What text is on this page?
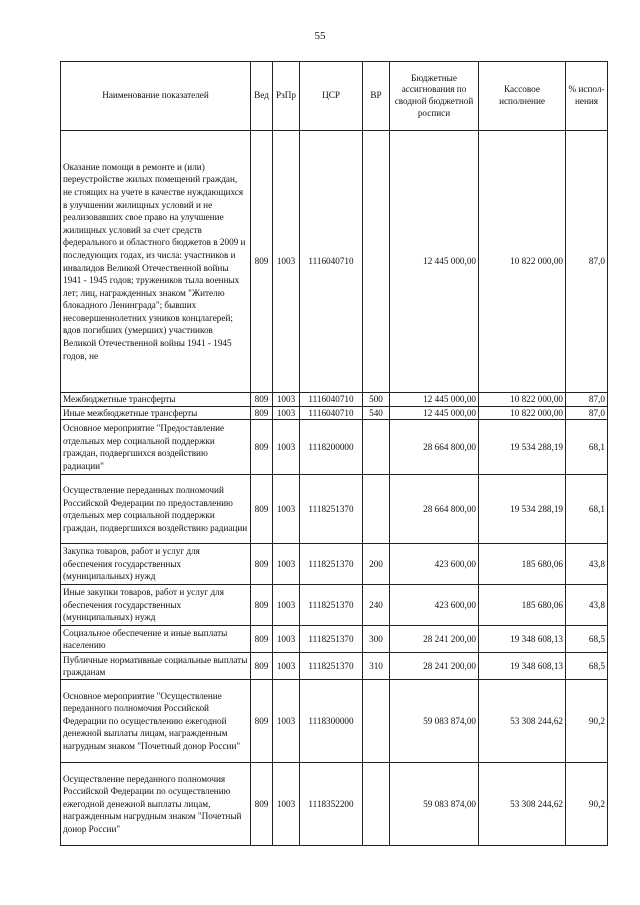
55
Наименование показателей	Вед	РзПр	ЦСР	ВР	Бюджетные ассигнования по сводной бюджетной росписи	Кассовое исполнение	% испол-нения
Оказание помощи в ремонте и (или) переустройстве жилых помещений граждан, не стоящих на учете в качестве нуждающихся в улучшении жилищных условий и не реализовавших свое право на улучшение жилищных условий за счет средств федерального и областного бюджетов в 2009 и последующих годах, из числа: участников и инвалидов Великой Отечественной войны 1941 - 1945 годов; тружеников тыла военных лет; лиц, награжденных знаком "Жителю блокадного Ленинграда"; бывших несовершеннолетних узников концлагерей; вдов погибших (умерших) участников Великой Отечественной войны 1941 - 1945 годов, не	809	1003	1116040710		12 445 000,00	10 822 000,00	87,0
Межбюджетные трансферты	809	1003	1116040710	500	12 445 000,00	10 822 000,00	87,0
Иные межбюджетные трансферты	809	1003	1116040710	540	12 445 000,00	10 822 000,00	87,0
Основное мероприятие "Предоставление отдельных мер социальной поддержки граждан, подвергшихся воздействию радиации"	809	1003	1118200000		28 664 800,00	19 534 288,19	68,1
Осуществление переданных полномочий Российской Федерации по предоставлению отдельных мер социальной поддержки граждан, подвергшихся воздействию радиации	809	1003	1118251370		28 664 800,00	19 534 288,19	68,1
Закупка товаров, работ и услуг для обеспечения государственных (муниципальных) нужд	809	1003	1118251370	200	423 600,00	185 680,06	43,8
Иные закупки товаров, работ и услуг для обеспечения государственных (муниципальных) нужд	809	1003	1118251370	240	423 600,00	185 680,06	43,8
Социальное обеспечение и иные выплаты населению	809	1003	1118251370	300	28 241 200,00	19 348 608,13	68,5
Публичные нормативные социальные выплаты гражданам	809	1003	1118251370	310	28 241 200,00	19 348 608,13	68,5
Основное мероприятие "Осуществление переданного полномочия Российской Федерации по осуществлению ежегодной денежной выплаты лицам, награжденным нагрудным знаком "Почетный донор России"	809	1003	1118300000		59 083 874,00	53 308 244,62	90,2
Осуществление переданного полномочия Российской Федерации по осуществлению ежегодной денежной выплаты лицам, награжденным нагрудным знаком "Почетный донор России"	809	1003	1118352200		59 083 874,00	53 308 244,62	90,2
